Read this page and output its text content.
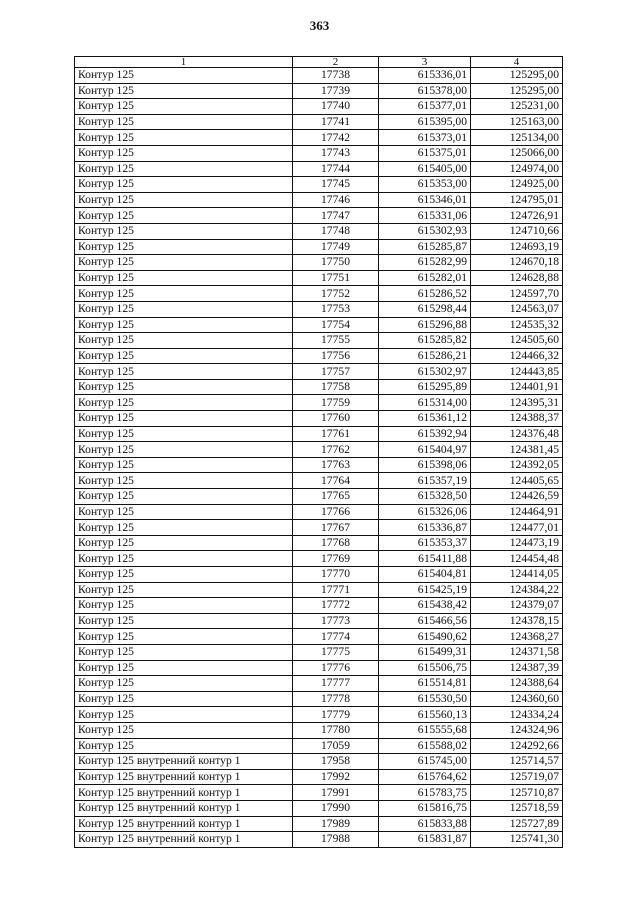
363
1	2	3	4
Контур 125	17738	615336,01	125295,00
Контур 125	17739	615378,00	125295,00
Контур 125	17740	615377,01	125231,00
Контур 125	17741	615395,00	125163,00
Контур 125	17742	615373,01	125134,00
Контур 125	17743	615375,01	125066,00
Контур 125	17744	615405,00	124974,00
Контур 125	17745	615353,00	124925,00
Контур 125	17746	615346,01	124795,01
Контур 125	17747	615331,06	124726,91
Контур 125	17748	615302,93	124710,66
Контур 125	17749	615285,87	124693,19
Контур 125	17750	615282,99	124670,18
Контур 125	17751	615282,01	124628,88
Контур 125	17752	615286,52	124597,70
Контур 125	17753	615298,44	124563,07
Контур 125	17754	615296,88	124535,32
Контур 125	17755	615285,82	124505,60
Контур 125	17756	615286,21	124466,32
Контур 125	17757	615302,97	124443,85
Контур 125	17758	615295,89	124401,91
Контур 125	17759	615314,00	124395,31
Контур 125	17760	615361,12	124388,37
Контур 125	17761	615392,94	124376,48
Контур 125	17762	615404,97	124381,45
Контур 125	17763	615398,06	124392,05
Контур 125	17764	615357,19	124405,65
Контур 125	17765	615328,50	124426,59
Контур 125	17766	615326,06	124464,91
Контур 125	17767	615336,87	124477,01
Контур 125	17768	615353,37	124473,19
Контур 125	17769	615411,88	124454,48
Контур 125	17770	615404,81	124414,05
Контур 125	17771	615425,19	124384,22
Контур 125	17772	615438,42	124379,07
Контур 125	17773	615466,56	124378,15
Контур 125	17774	615490,62	124368,27
Контур 125	17775	615499,31	124371,58
Контур 125	17776	615506,75	124387,39
Контур 125	17777	615514,81	124388,64
Контур 125	17778	615530,50	124360,60
Контур 125	17779	615560,13	124334,24
Контур 125	17780	615555,68	124324,96
Контур 125	17059	615588,02	124292,66
Контур 125 внутренний контур 1	17958	615745,00	125714,57
Контур 125 внутренний контур 1	17992	615764,62	125719,07
Контур 125 внутренний контур 1	17991	615783,75	125710,87
Контур 125 внутренний контур 1	17990	615816,75	125718,59
Контур 125 внутренний контур 1	17989	615833,88	125727,89
Контур 125 внутренний контур 1	17988	615831,87	125741,30
